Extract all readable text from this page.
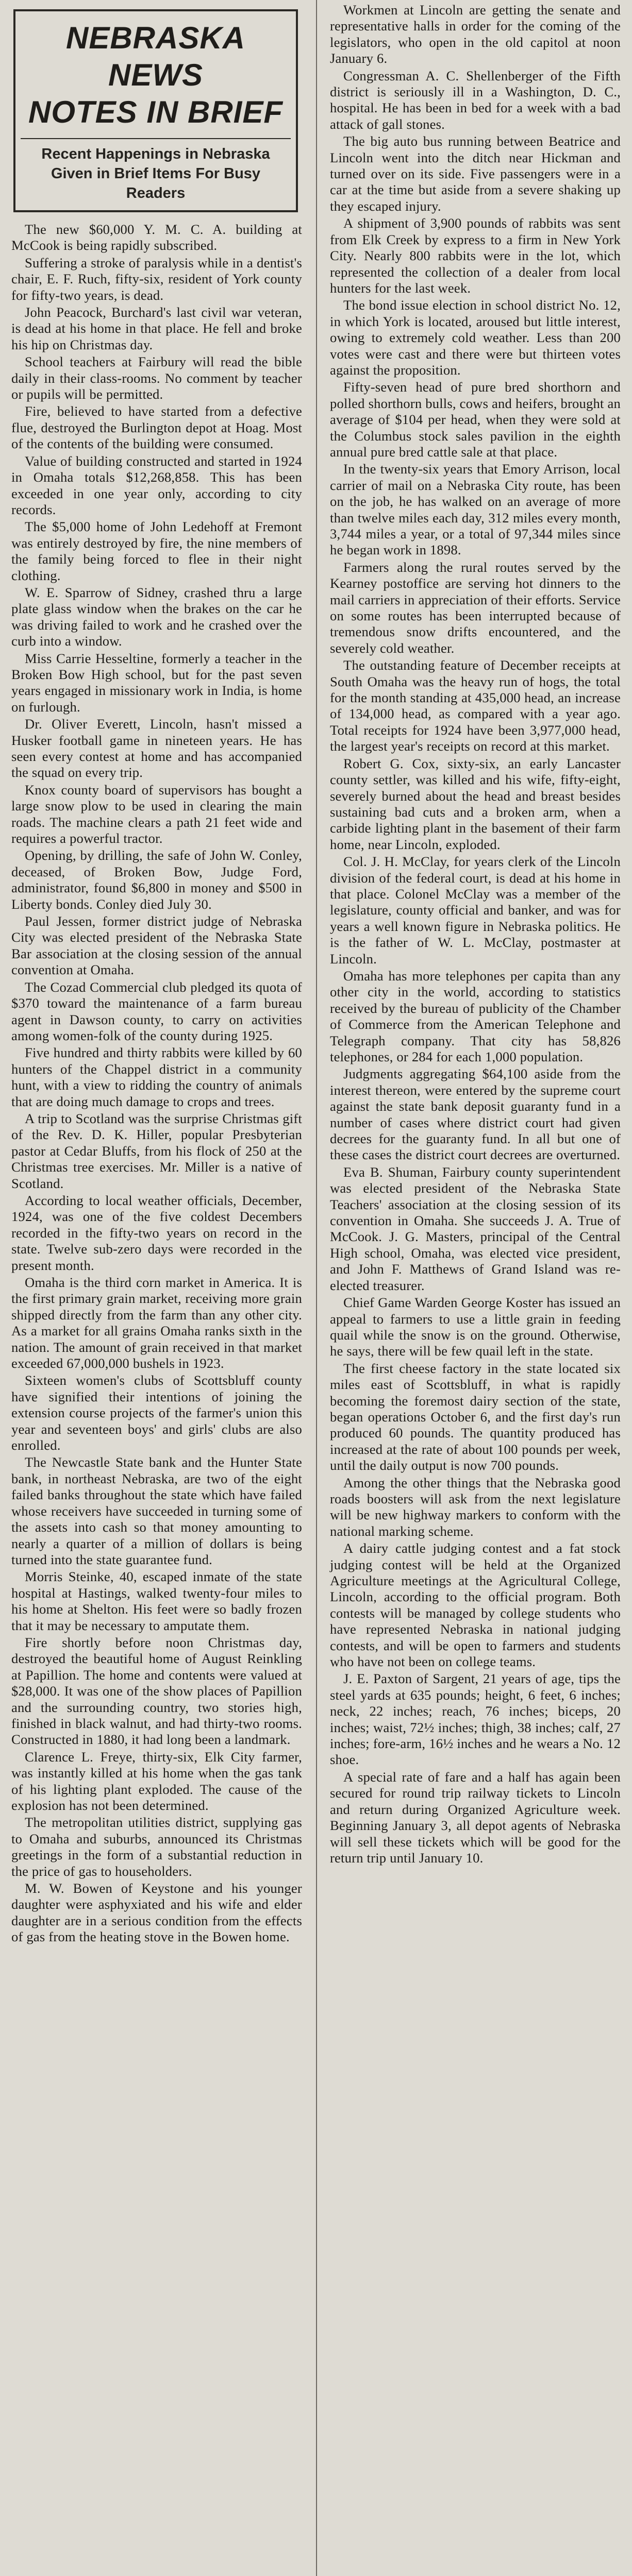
NEBRASKA NEWS
NOTES IN BRIEF
Recent Happenings in Nebraska Given in Brief Items For Busy Readers

The new $60,000 Y. M. C. A. building at McCook is being rapidly subscribed.

Suffering a stroke of paralysis while in a dentist's chair, E. F. Ruch, fifty-six, resident of York county for fifty-two years, is dead.

John Peacock, Burchard's last civil war veteran, is dead at his home in that place. He fell and broke his hip on Christmas day.

School teachers at Fairbury will read the bible daily in their class-rooms. No comment by teacher or pupils will be permitted.

Fire, believed to have started from a defective flue, destroyed the Burlington depot at Hoag. Most of the contents of the building were consumed.

Value of building constructed and started in 1924 in Omaha totals $12,268,858. This has been exceeded in one year only, according to city records.

The $5,000 home of John Ledehoff at Fremont was entirely destroyed by fire, the nine members of the family being forced to flee in their night clothing.

W. E. Sparrow of Sidney, crashed thru a large plate glass window when the brakes on the car he was driving failed to work and he crashed over the curb into a window.

Miss Carrie Hesseltine, formerly a teacher in the Broken Bow High school, but for the past seven years engaged in missionary work in India, is home on furlough.

Dr. Oliver Everett, Lincoln, hasn't missed a Husker football game in nineteen years. He has seen every contest at home and has accompanied the squad on every trip.

Knox county board of supervisors has bought a large snow plow to be used in clearing the main roads. The machine clears a path 21 feet wide and requires a powerful tractor.

Opening, by drilling, the safe of John W. Conley, deceased, of Broken Bow, Judge Ford, administrator, found $6,800 in money and $500 in Liberty bonds. Conley died July 30.

Paul Jessen, former district judge of Nebraska City was elected president of the Nebraska State Bar association at the closing session of the annual convention at Omaha.

The Cozad Commercial club pledged its quota of $370 toward the maintenance of a farm bureau agent in Dawson county, to carry on activities among women-folk of the county during 1925.

Five hundred and thirty rabbits were killed by 60 hunters of the Chappel district in a community hunt, with a view to ridding the country of animals that are doing much damage to crops and trees.

A trip to Scotland was the surprise Christmas gift of the Rev. D. K. Hiller, popular Presbyterian pastor at Cedar Bluffs, from his flock of 250 at the Christmas tree exercises. Mr. Miller is a native of Scotland.

According to local weather officials, December, 1924, was one of the five coldest Decembers recorded in the fifty-two years on record in the state. Twelve sub-zero days were recorded in the present month.

Omaha is the third corn market in America. It is the first primary grain market, receiving more grain shipped directly from the farm than any other city. As a market for all grains Omaha ranks sixth in the nation. The amount of grain received in that market exceeded 67,000,000 bushels in 1923.

Sixteen women's clubs of Scottsbluff county have signified their intentions of joining the extension course projects of the farmer's union this year and seventeen boys' and girls' clubs are also enrolled.

The Newcastle State bank and the Hunter State bank, in northeast Nebraska, are two of the eight failed banks throughout the state which have failed whose receivers have succeeded in turning some of the assets into cash so that money amounting to nearly a quarter of a million of dollars is being turned into the state guarantee fund.

Morris Steinke, 40, escaped inmate of the state hospital at Hastings, walked twenty-four miles to his home at Shelton. His feet were so badly frozen that it may be necessary to amputate them.

Fire shortly before noon Christmas day, destroyed the beautiful home of August Reinkling at Papillion. The home and contents were valued at $28,000. It was one of the show places of Papillion and the surrounding country, two stories high, finished in black walnut, and had thirty-two rooms. Constructed in 1880, it had long been a landmark.

Clarence L. Freye, thirty-six, Elk City farmer, was instantly killed at his home when the gas tank of his lighting plant exploded. The cause of the explosion has not been determined.

The metropolitan utilities district, supplying gas to Omaha and suburbs, announced its Christmas greetings in the form of a substantial reduction in the price of gas to householders.

M. W. Bowen of Keystone and his younger daughter were asphyxiated and his wife and elder daughter are in a serious condition from the effects of gas from the heating stove in the Bowen home.

Workmen at Lincoln are getting the senate and representative halls in order for the coming of the legislators, who open in the old capitol at noon January 6.

Congressman A. C. Shellenberger of the Fifth district is seriously ill in a Washington, D. C., hospital. He has been in bed for a week with a bad attack of gall stones.

The big auto bus running between Beatrice and Lincoln went into the ditch near Hickman and turned over on its side. Five passengers were in a car at the time but aside from a severe shaking up they escaped injury.

A shipment of 3,900 pounds of rabbits was sent from Elk Creek by express to a firm in New York City. Nearly 800 rabbits were in the lot, which represented the collection of a dealer from local hunters for the last week.

The bond issue election in school district No. 12, in which York is located, aroused but little interest, owing to extremely cold weather. Less than 200 votes were cast and there were but thirteen votes against the proposition.

Fifty-seven head of pure bred shorthorn and polled shorthorn bulls, cows and heifers, brought an average of $104 per head, when they were sold at the Columbus stock sales pavilion in the eighth annual pure bred cattle sale at that place.

In the twenty-six years that Emory Arrison, local carrier of mail on a Nebraska City route, has been on the job, he has walked on an average of more than twelve miles each day, 312 miles every month, 3,744 miles a year, or a total of 97,344 miles since he began work in 1898.

Farmers along the rural routes served by the Kearney postoffice are serving hot dinners to the mail carriers in appreciation of their efforts. Service on some routes has been interrupted because of tremendous snow drifts encountered, and the severely cold weather.

The outstanding feature of December receipts at South Omaha was the heavy run of hogs, the total for the month standing at 435,000 head, an increase of 134,000 head, as compared with a year ago. Total receipts for 1924 have been 3,977,000 head, the largest year's receipts on record at this market.

Robert G. Cox, sixty-six, an early Lancaster county settler, was killed and his wife, fifty-eight, severely burned about the head and breast besides sustaining bad cuts and a broken arm, when a carbide lighting plant in the basement of their farm home, near Lincoln, exploded.

Col. J. H. McClay, for years clerk of the Lincoln division of the federal court, is dead at his home in that place. Colonel McClay was a member of the legislature, county official and banker, and was for years a well known figure in Nebraska politics. He is the father of W. L. McClay, postmaster at Lincoln.

Omaha has more telephones per capita than any other city in the world, according to statistics received by the bureau of publicity of the Chamber of Commerce from the American Telephone and Telegraph company. That city has 58,826 telephones, or 284 for each 1,000 population.

Judgments aggregating $64,100 aside from the interest thereon, were entered by the supreme court against the state bank deposit guaranty fund in a number of cases where district court had given decrees for the guaranty fund. In all but one of these cases the district court decrees are overturned.

Eva B. Shuman, Fairbury county superintendent was elected president of the Nebraska State Teachers' association at the closing session of its convention in Omaha. She succeeds J. A. True of McCook. J. G. Masters, principal of the Central High school, Omaha, was elected vice president, and John F. Matthews of Grand Island was re-elected treasurer.

Chief Game Warden George Koster has issued an appeal to farmers to use a little grain in feeding quail while the snow is on the ground. Otherwise, he says, there will be few quail left in the state.

The first cheese factory in the state located six miles east of Scottsbluff, in what is rapidly becoming the foremost dairy section of the state, began operations October 6, and the first day's run produced 60 pounds. The quantity produced has increased at the rate of about 100 pounds per week, until the daily output is now 700 pounds.

Among the other things that the Nebraska good roads boosters will ask from the next legislature will be new highway markers to conform with the national marking scheme.

A dairy cattle judging contest and a fat stock judging contest will be held at the Organized Agriculture meetings at the Agricultural College, Lincoln, according to the official program. Both contests will be managed by college students who have represented Nebraska in national judging contests, and will be open to farmers and students who have not been on college teams.

J. E. Paxton of Sargent, 21 years of age, tips the steel yards at 635 pounds; height, 6 feet, 6 inches; neck, 22 inches; reach, 76 inches; biceps, 20 inches; waist, 72½ inches; thigh, 38 inches; calf, 27 inches; fore-arm, 16½ inches and he wears a No. 12 shoe.

A special rate of fare and a half has again been secured for round trip railway tickets to Lincoln and return during Organized Agriculture week. Beginning January 3, all depot agents of Nebraska will sell these tickets which will be good for the return trip until January 10.
